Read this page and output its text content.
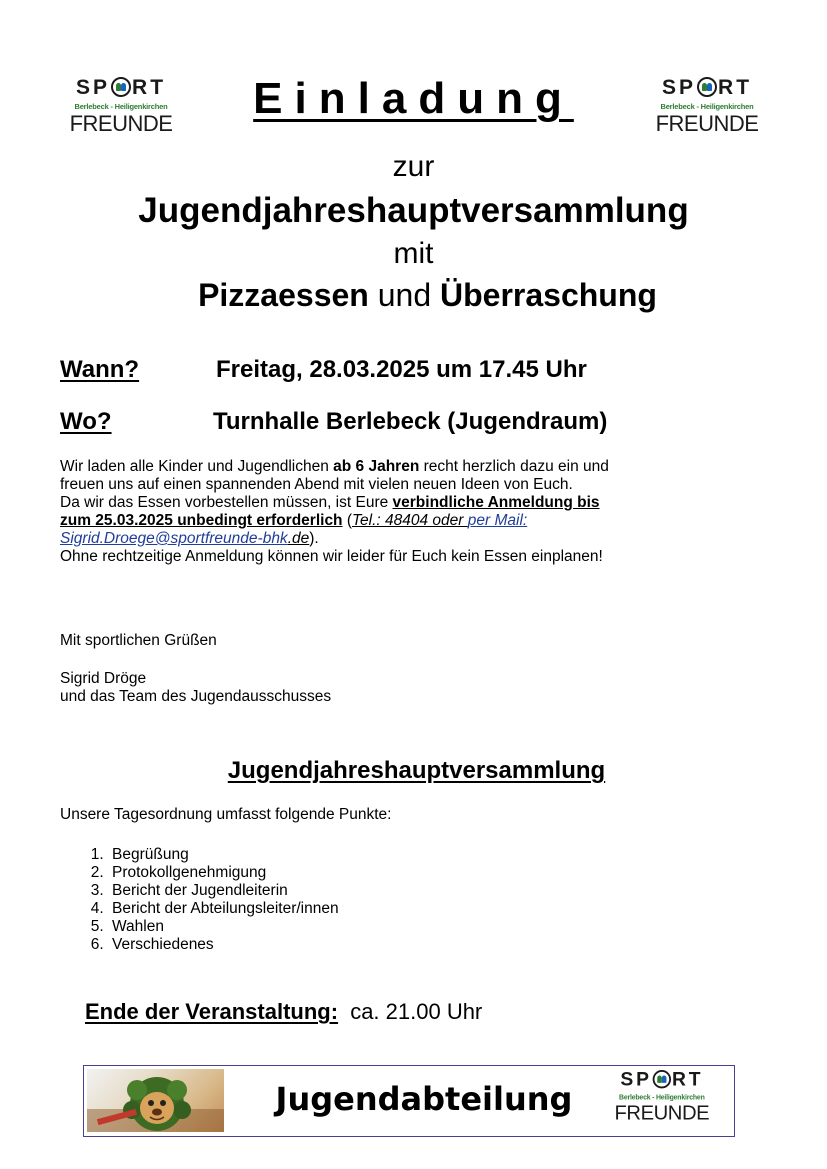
SP RT
Berlebeck - Heiligenkirchen
FREUNDE
SP RT
Berlebeck - Heiligenkirchen
FREUNDE
Einladung
zur
Jugendjahreshauptversammlung
mit
Pizzaessen und Überraschung
Wann?	Freitag, 28.03.2025 um 17.45 Uhr
Wo?	Turnhalle Berlebeck (Jugendraum)
Wir laden alle Kinder und Jugendlichen ab 6 Jahren recht herzlich dazu ein und
freuen uns auf einen spannenden Abend mit vielen neuen Ideen von Euch.
Da wir das Essen vorbestellen müssen, ist Eure verbindliche Anmeldung bis
zum 25.03.2025 unbedingt erforderlich (Tel.: 48404 oder per Mail:
Sigrid.Droege@sportfreunde-bhk.de).
Ohne rechtzeitige Anmeldung können wir leider für Euch kein Essen einplanen!
Mit sportlichen Grüßen
Sigrid Dröge
und das Team des Jugendausschusses
Jugendjahreshauptversammlung
Unsere Tagesordnung umfasst folgende Punkte:
1. Begrüßung
2. Protokollgenehmigung
3. Bericht der Jugendleiterin
4. Bericht der Abteilungsleiter/innen
5. Wahlen
6. Verschiedenes
Ende der Veranstaltung: ca. 21.00 Uhr
Jugendabteilung
SP RT
Berlebeck - Heiligenkirchen
FREUNDE
